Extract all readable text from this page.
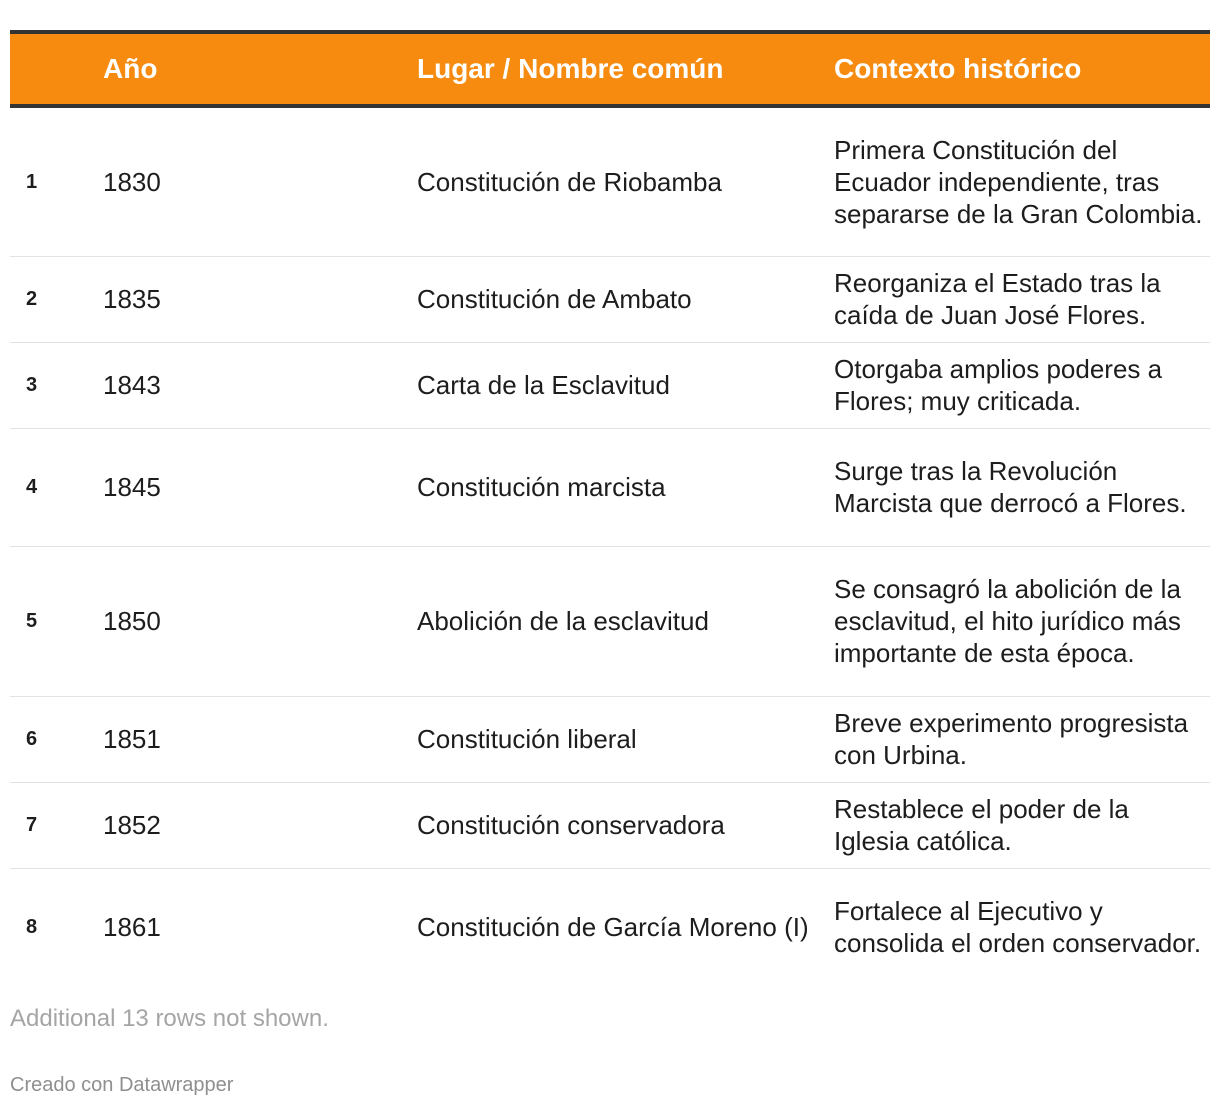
	Año	Lugar / Nombre común	Contexto histórico
1	1830	Constitución de Riobamba	Primera Constitución del Ecuador independiente, tras separarse de la Gran Colombia.
2	1835	Constitución de Ambato	Reorganiza el Estado tras la caída de Juan José Flores.
3	1843	Carta de la Esclavitud	Otorgaba amplios poderes a Flores; muy criticada.
4	1845	Constitución marcista	Surge tras la Revolución Marcista que derrocó a Flores.
5	1850	Abolición de la esclavitud	Se consagró la abolición de la esclavitud, el hito jurídico más importante de esta época.
6	1851	Constitución liberal	Breve experimento progresista con Urbina.
7	1852	Constitución conservadora	Restablece el poder de la Iglesia católica.
8	1861	Constitución de García Moreno (I)	Fortalece al Ejecutivo y consolida el orden conservador.
Additional 13 rows not shown.
Creado con Datawrapper
